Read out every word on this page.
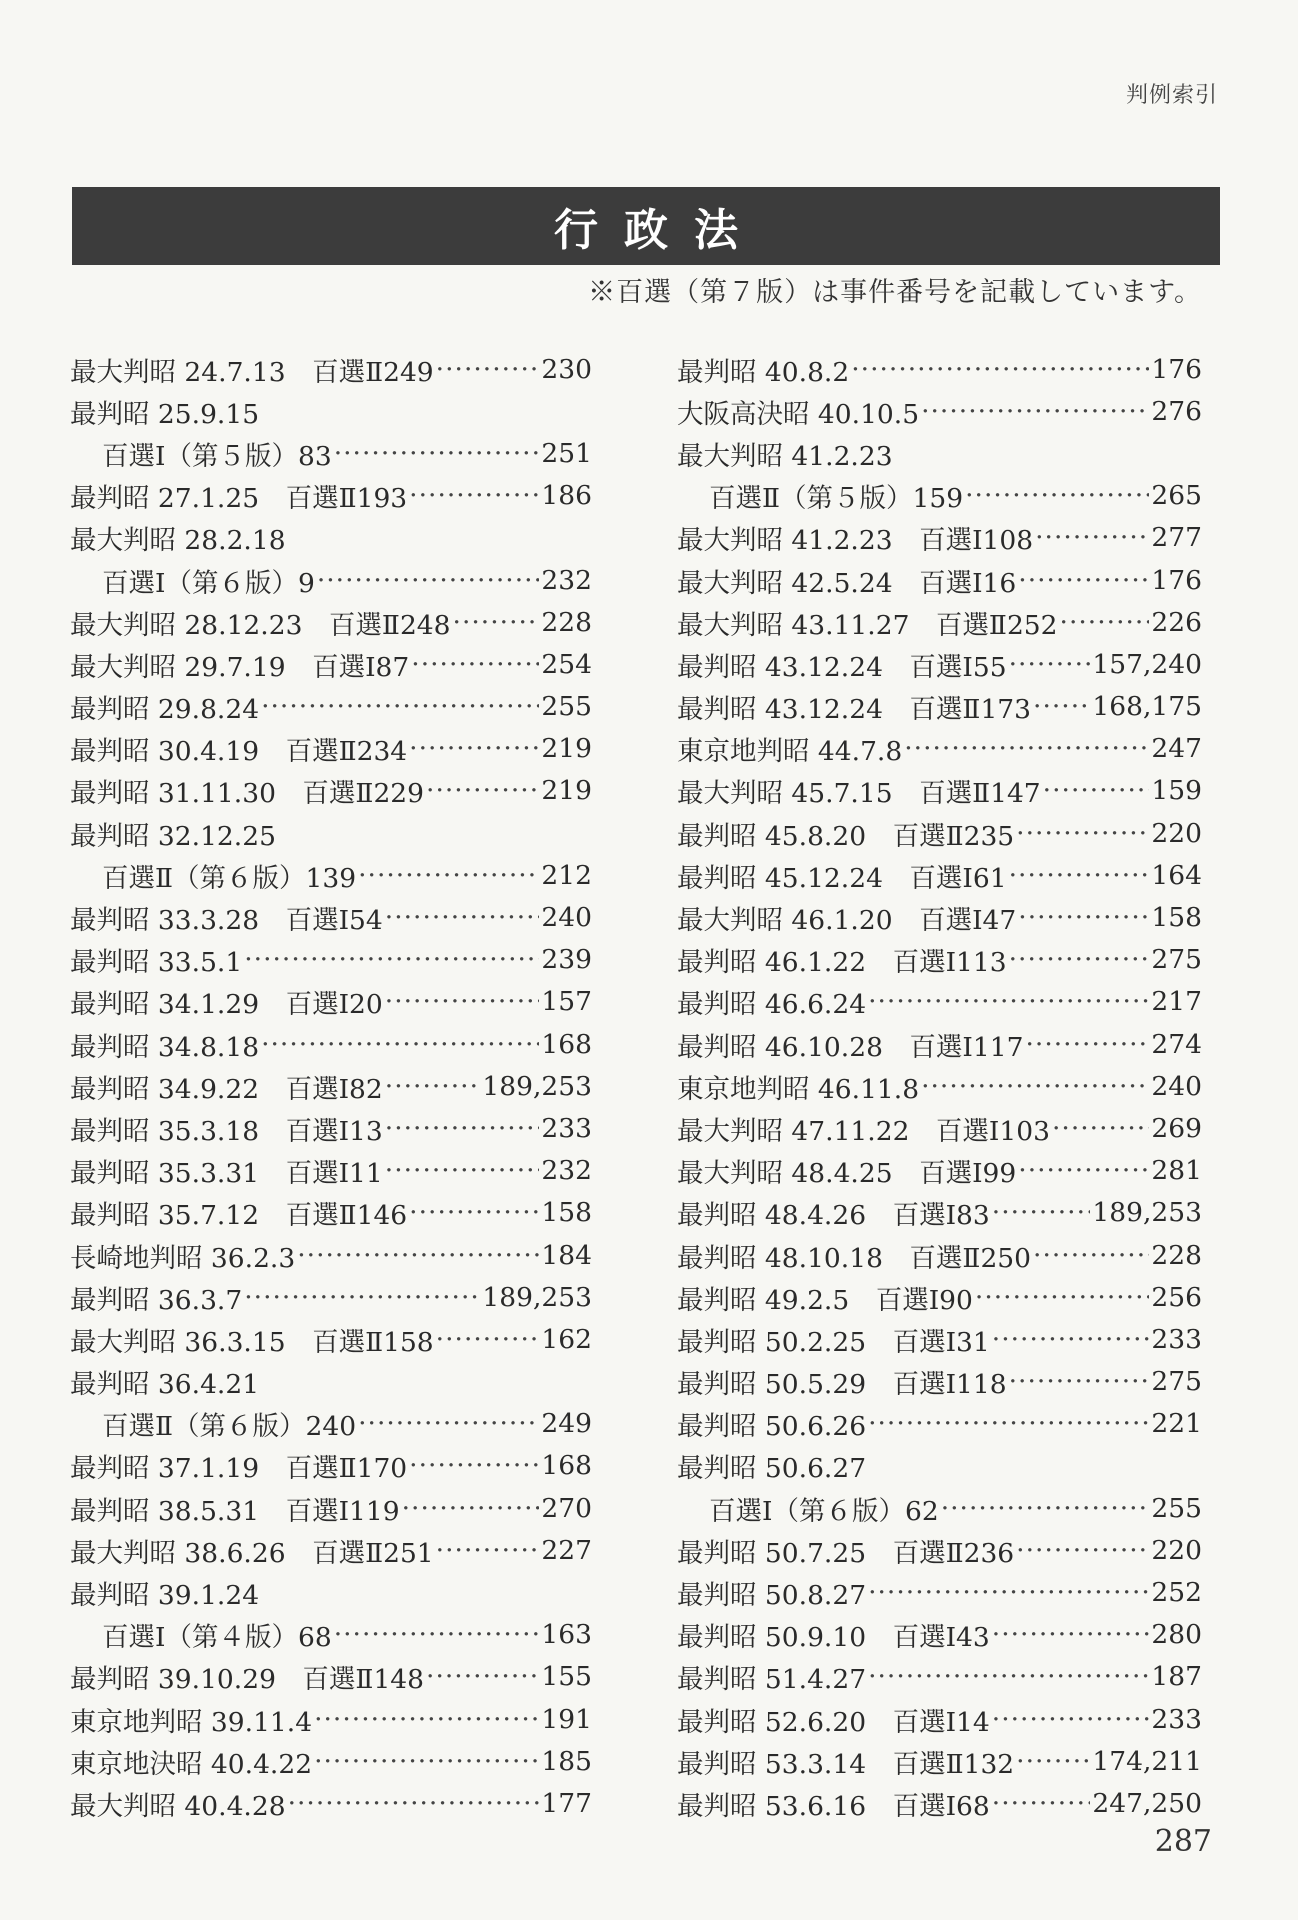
判例索引
行政法
※百選（第７版）は事件番号を記載しています。
最大判昭 24.7.13　百選Ⅱ249 ·····	230
最判昭 25.9.15
百選Ⅰ（第５版）83 ·····	251
最判昭 27.1.25　百選Ⅱ193 ·····	186
最大判昭 28.2.18
百選Ⅰ（第６版）9 ·····	232
最大判昭 28.12.23　百選Ⅱ248 ·····	228
最大判昭 29.7.19　百選Ⅰ87 ·····	254
最判昭 29.8.24 ·····	255
最判昭 30.4.19　百選Ⅱ234 ·····	219
最判昭 31.11.30　百選Ⅱ229 ·····	219
最判昭 32.12.25
百選Ⅱ（第６版）139 ·····	212
最判昭 33.3.28　百選Ⅰ54 ·····	240
最判昭 33.5.1 ·····	239
最判昭 34.1.29　百選Ⅰ20 ·····	157
最判昭 34.8.18 ·····	168
最判昭 34.9.22　百選Ⅰ82 ·····	189,253
最判昭 35.3.18　百選Ⅰ13 ·····	233
最判昭 35.3.31　百選Ⅰ11 ·····	232
最判昭 35.7.12　百選Ⅱ146 ·····	158
長崎地判昭 36.2.3 ·····	184
最判昭 36.3.7 ·····	189,253
最大判昭 36.3.15　百選Ⅱ158 ·····	162
最判昭 36.4.21
百選Ⅱ（第６版）240 ·····	249
最判昭 37.1.19　百選Ⅱ170 ·····	168
最判昭 38.5.31　百選Ⅰ119 ·····	270
最大判昭 38.6.26　百選Ⅱ251 ·····	227
最判昭 39.1.24
百選Ⅰ（第４版）68 ·····	163
最判昭 39.10.29　百選Ⅱ148 ·····	155
東京地判昭 39.11.4 ·····	191
東京地決昭 40.4.22 ·····	185
最大判昭 40.4.28 ·····	177
最判昭 40.8.2 ·····	176
大阪高決昭 40.10.5 ·····	276
最大判昭 41.2.23
百選Ⅱ（第５版）159 ·····	265
最大判昭 41.2.23　百選Ⅰ108 ·····	277
最大判昭 42.5.24　百選Ⅰ16 ·····	176
最大判昭 43.11.27　百選Ⅱ252 ·····	226
最判昭 43.12.24　百選Ⅰ55 ·····	157,240
最判昭 43.12.24　百選Ⅱ173 ····· 168,175
東京地判昭 44.7.8 ·····	247
最大判昭 45.7.15　百選Ⅱ147 ·····	159
最判昭 45.8.20　百選Ⅱ235 ·····	220
最判昭 45.12.24　百選Ⅰ61 ·····	164
最大判昭 46.1.20　百選Ⅰ47 ·····	158
最判昭 46.1.22　百選Ⅰ113 ·····	275
最判昭 46.6.24 ·····	217
最判昭 46.10.28　百選Ⅰ117 ·····	274
東京地判昭 46.11.8 ·····	240
最大判昭 47.11.22　百選Ⅰ103 ·····	269
最大判昭 48.4.25　百選Ⅰ99 ·····	281
最判昭 48.4.26　百選Ⅰ83 ·····	189,253
最判昭 48.10.18　百選Ⅱ250 ·····	228
最判昭 49.2.5　百選Ⅰ90 ·····	256
最判昭 50.2.25　百選Ⅰ31 ·····	233
最判昭 50.5.29　百選Ⅰ118 ·····	275
最判昭 50.6.26 ·····	221
最判昭 50.6.27
百選Ⅰ（第６版）62 ·····	255
最判昭 50.7.25　百選Ⅱ236 ·····	220
最判昭 50.8.27 ·····	252
最判昭 50.9.10　百選Ⅰ43 ·····	280
最判昭 51.4.27 ·····	187
最判昭 52.6.20　百選Ⅰ14 ·····	233
最判昭 53.3.14　百選Ⅱ132 ·····	174,211
最判昭 53.6.16　百選Ⅰ68 ·····	247,250
287
